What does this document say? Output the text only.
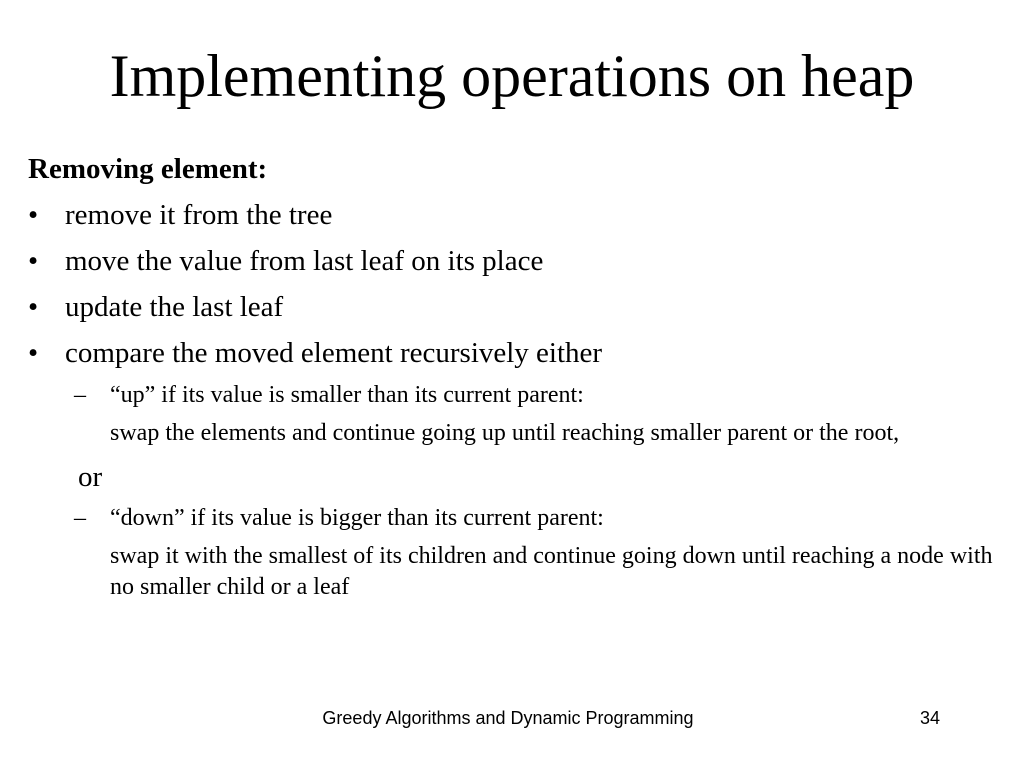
Implementing operations on heap
Removing element:
• remove it from the tree
• move the value from last leaf on its place
• update the last leaf
• compare the moved element recursively either
– “up” if its value is smaller than its current parent:
swap the elements and continue going up until reaching smaller parent or the root,
or
– “down” if its value is bigger than its current parent:
swap it with the smallest of its children and continue going down until reaching a node with no smaller child or a leaf
Greedy Algorithms and Dynamic Programming	34
